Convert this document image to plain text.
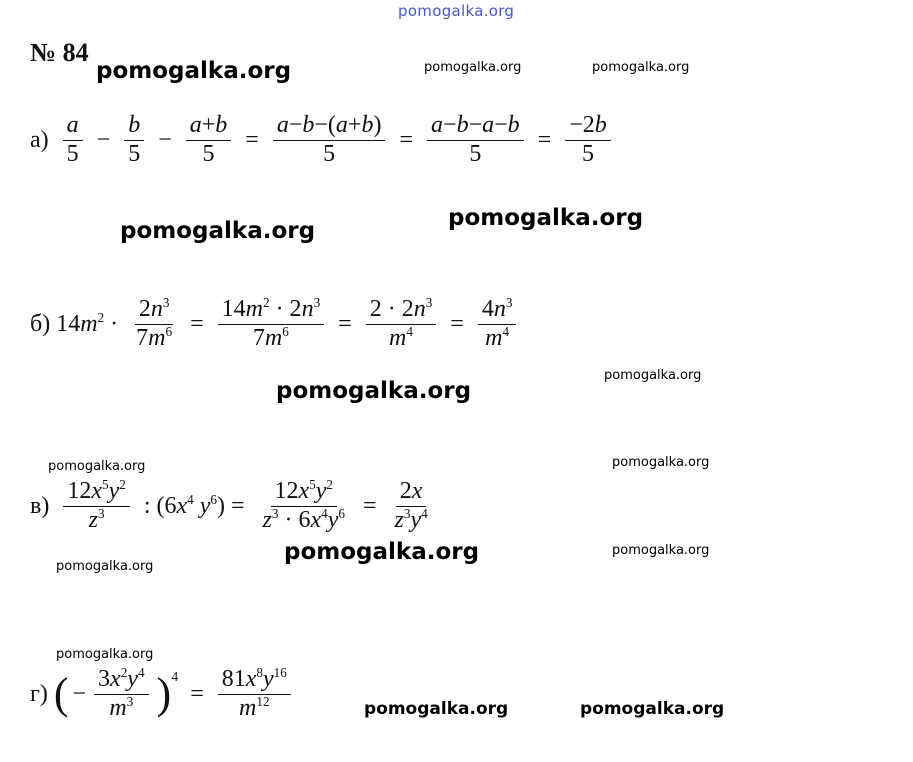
pomogalka.org
pomogalka.org	pomogalka.org	pomogalka.org
pomogalka.org
pomogalka.org
pomogalka.org
pomogalka.org
pomogalka.org	pomogalka.org
pomogalka.org	pomogalka.org
pomogalka.org
pomogalka.org
pomogalka.org	pomogalka.org
№ 84
$а) \frac{a}{5} - \frac{b}{5} - \frac{a+b}{5} = \frac{a-b-(a+b)}{5} = \frac{a-b-a-b}{5} = \frac{-2b}{5}$
б) $14m^2 \cdot \frac{2n^3}{7m^6} = \frac{14m^2 \cdot 2n^3}{7m^6} = \frac{2 \cdot 2n^3}{m^4} = \frac{4n^3}{m^4}$
$в) \frac{12x^5y^2}{z^3}$ : ($6x^4$ $y^6) = \frac{12x^5y^2}{z^3 \cdot 6x^4y^6} = \frac{2x}{z^3y^4}$
г) ( − $\frac{3x^2y^4}{m^3}$ ) 4
= $\frac{81x^8y^{16}}{m^{12}}$
